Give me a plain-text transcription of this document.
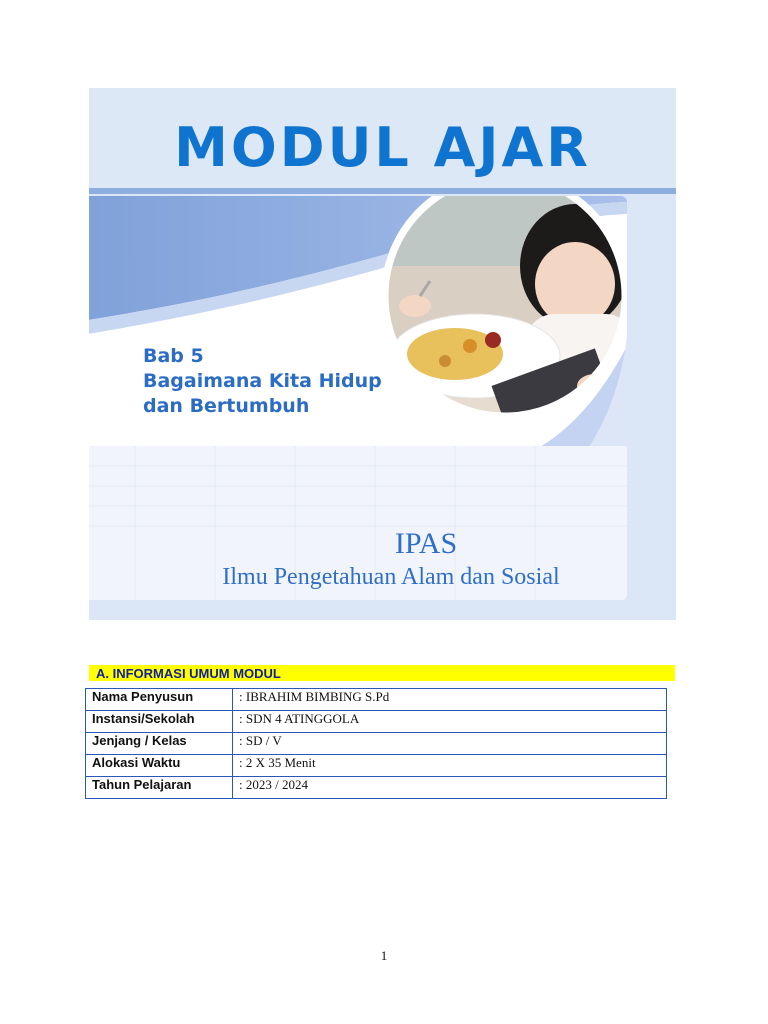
MODUL AJAR
Bab 5
Bagaimana Kita Hidup
dan Bertumbuh
IPAS
Ilmu Pengetahuan Alam dan Sosial
A. INFORMASI UMUM MODUL
Nama Penyusun	: IBRAHIM BIMBING S.Pd
Instansi/Sekolah	: SDN 4 ATINGGOLA
Jenjang / Kelas	: SD / V
Alokasi Waktu	: 2 X 35 Menit
Tahun Pelajaran	: 2023 / 2024
1
